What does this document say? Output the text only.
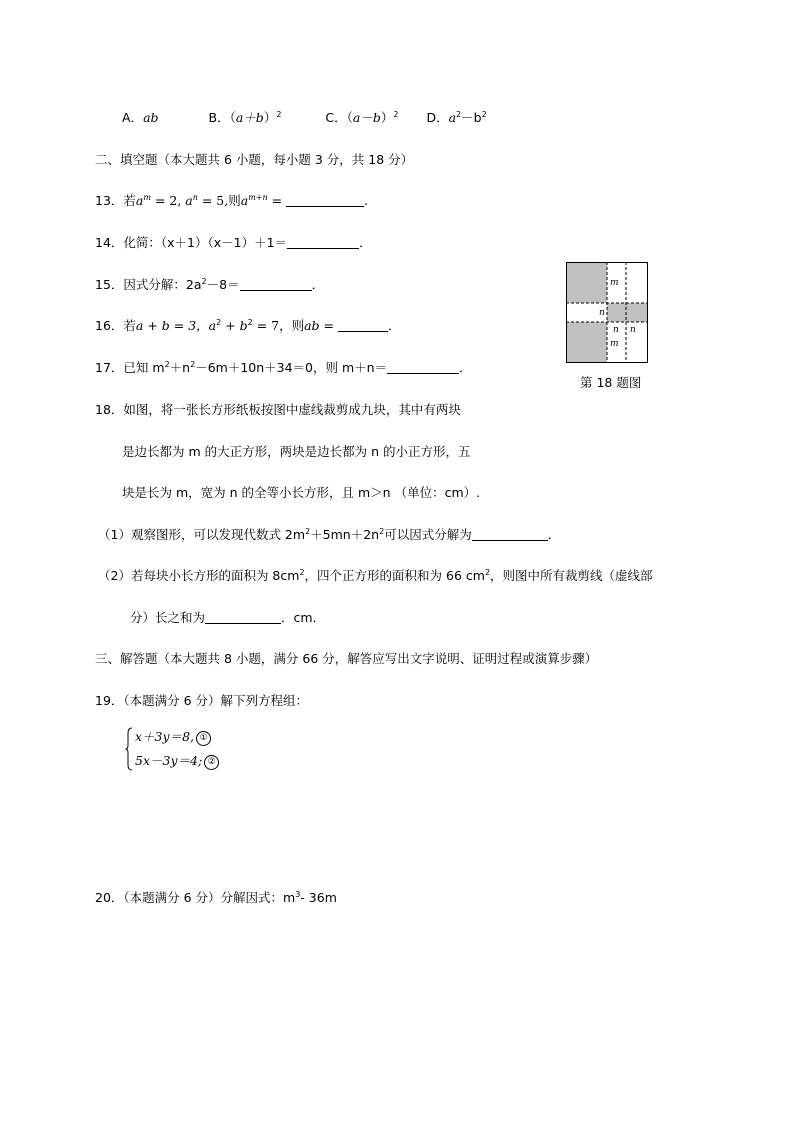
A．ab	B．$(a+b)^2$	C．$(a-b)^2$ D．$a^2-b^2$
二、填空题（本大题共 6 小题，每小题 3 分，共 18 分）
13．若$a^m = 2$, $a^n = 5$,则$a^{m+n}$ =	.
14．化简：（x＋1）（x－1）＋1＝	．
15．因式分解：$2a^2-8=$	．
16．若a + b = 3，$a^2 + b^2 = 7$，则ab =	．
17．已知 $m^2+n^2-6m+10n+34=0$，则 m＋n＝	．
m
n
n n
m
第 18 题图
18．如图，将一张长方形纸板按图中虚线裁剪成九块，其中有两块
是边长都为 m 的大正方形，两块是边长都为 n 的小正方形，五
块是长为 m，宽为 n 的全等小长方形，且 m＞n （单位：cm）.
（1）观察图形，可以发现代数式 $2m^2+5mn+2n^2$可以因式分解为	．
（2）若每块小长方形的面积为 $8cm^2$，四个正方形的面积和为 66 $cm^2$，则图中所有裁剪线（虚线部
分）长之和为	．cm．
三、解答题（本大题共 8 小题，满分 66 分，解答应写出文字说明、证明过程或演算步骤）
19．（本题满分 6 分）解下列方程组：
x＋3y＝8, ①
5x－3y＝4; ②
20．（本题满分 6 分）分解因式：$m^3-$ 36m
